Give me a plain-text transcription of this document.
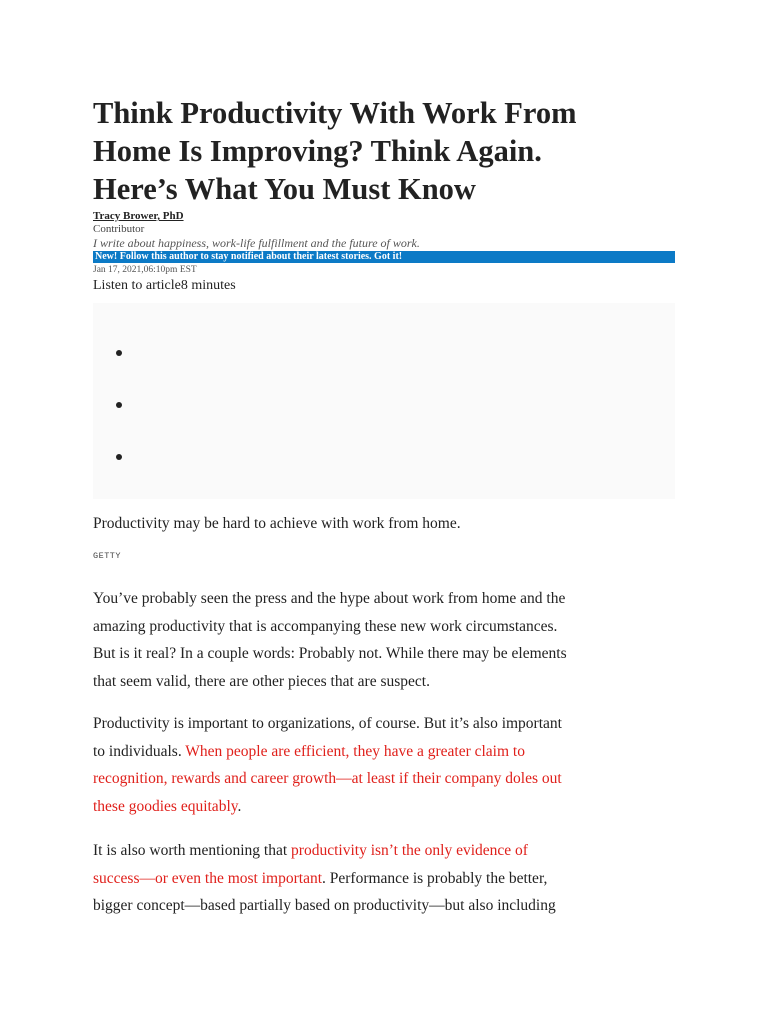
Think Productivity With Work From
Home Is Improving? Think Again.
Here’s What You Must Know
Tracy Brower, PhD
Contributor
I write about happiness, work-life fulfillment and the future of work.
New! Follow this author to stay notified about their latest stories. Got it!
Jan 17, 2021,06:10pm EST
Listen to article8 minutes
Productivity may be hard to achieve with work from home.
GETTY

You’ve probably seen the press and the hype about work from home and the
amazing productivity that is accompanying these new work circumstances.
But is it real? In a couple words: Probably not. While there may be elements
that seem valid, there are other pieces that are suspect.

Productivity is important to organizations, of course. But it’s also important
to individuals. When people are efficient, they have a greater claim to
recognition, rewards and career growth—at least if their company doles out
these goodies equitably.

It is also worth mentioning that productivity isn’t the only evidence of
success—or even the most important. Performance is probably the better,
bigger concept—based partially based on productivity—but also including
